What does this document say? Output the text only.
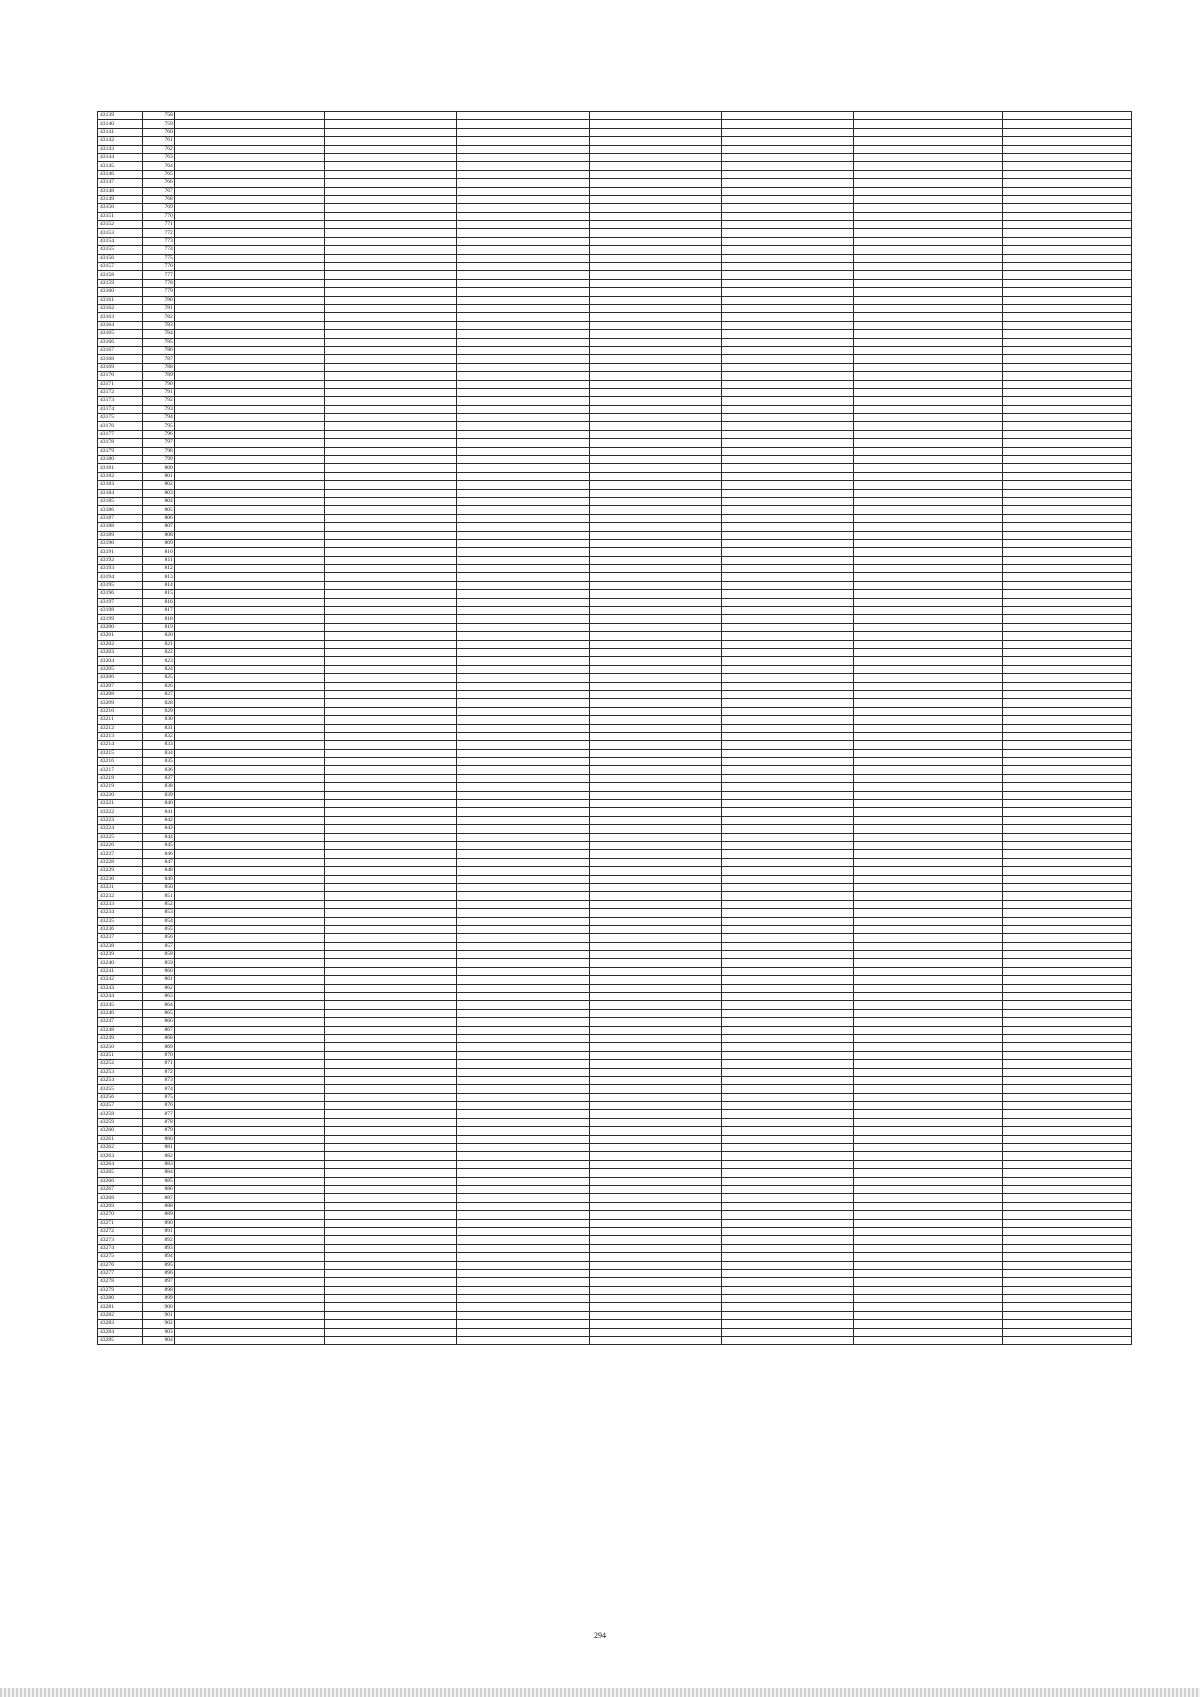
43139	758							
43140	759							
43141	760							
43142	761							
43143	762							
43144	763							
43145	764							
43146	765							
43147	766							
43148	767							
43149	768							
43150	769							
43151	770							
43152	771							
43153	772							
43154	773							
43155	774							
43156	775							
43157	776							
43158	777							
43159	778							
43160	779							
43161	780							
43162	781							
43163	782							
43164	783							
43165	784							
43166	785							
43167	786							
43168	787							
43169	788							
43170	789							
43171	790							
43172	791							
43173	792							
43174	793							
43175	794							
43176	795							
43177	796							
43178	797							
43179	798							
43180	799							
43181	800							
43182	801							
43183	802							
43184	803							
43185	804							
43186	805							
43187	806							
43188	807							
43189	808							
43190	809							
43191	810							
43192	811							
43193	812							
43194	813							
43195	814							
43196	815							
43197	816							
43198	817							
43199	818							
43200	819							
43201	820							
43202	821							
43203	822							
43204	823							
43205	824							
43206	825							
43207	826							
43208	827							
43209	828							
43210	829							
43211	830							
43212	831							
43213	832							
43214	833							
43215	834							
43216	835							
43217	836							
43218	837							
43219	838							
43220	839							
43221	840							
43222	841							
43223	842							
43224	843							
43225	844							
43226	845							
43227	846							
43228	847							
43229	848							
43230	849							
43231	850							
43232	851							
43233	852							
43234	853							
43235	854							
43236	855							
43237	856							
43238	857							
43239	858							
43240	859							
43241	860							
43242	861							
43243	862							
43244	863							
43245	864							
43246	865							
43247	866							
43248	867							
43249	868							
43250	869							
43251	870							
43252	871							
43253	872							
43254	873							
43255	874							
43256	875							
43257	876							
43258	877							
43259	878							
43260	879							
43261	880							
43262	881							
43263	882							
43264	883							
43265	884							
43266	885							
43267	886							
43268	887							
43269	888							
43270	889							
43271	890							
43272	891							
43273	892							
43274	893							
43275	894							
43276	895							
43277	896							
43278	897							
43279	898							
43280	899							
43281	900							
43282	901							
43283	902							
43284	903							
43285	904							
294
